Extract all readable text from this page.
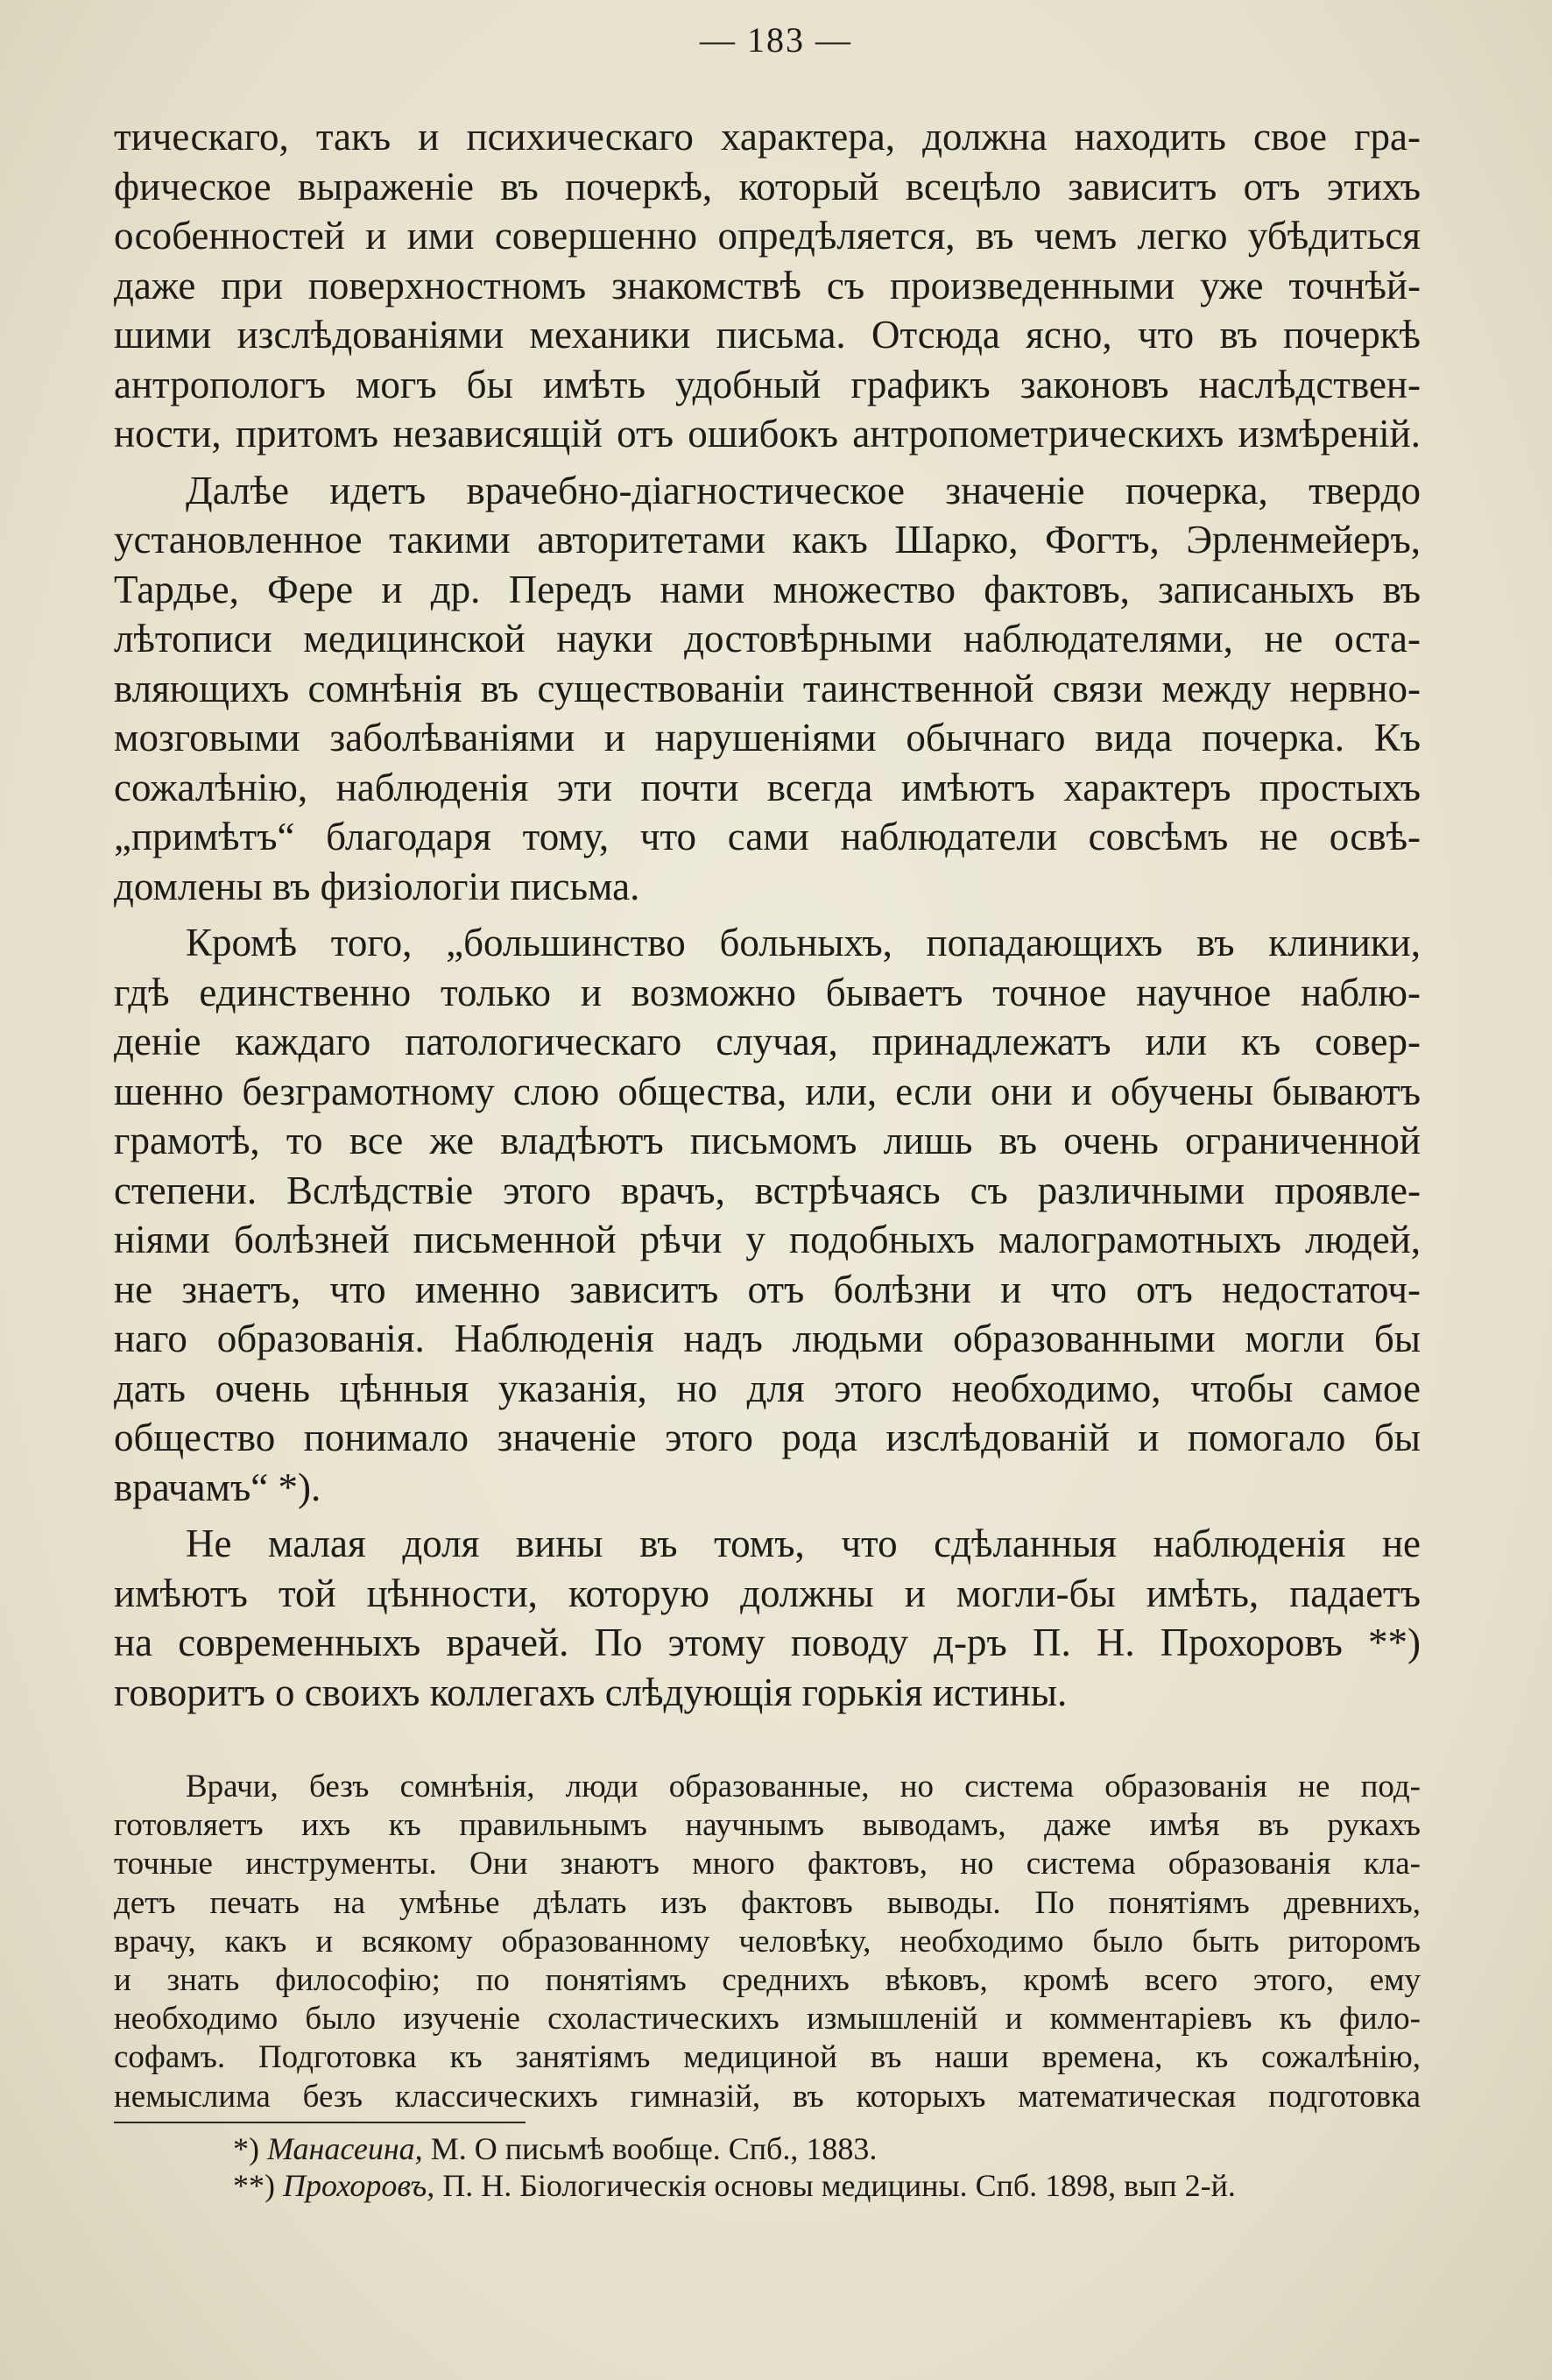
— 183 —

тическаго, такъ и психическаго характера, должна находить свое гра-

фическое выраженіе въ почеркѣ, который всецѣло зависитъ отъ этихъ

особенностей и ими совершенно опредѣляется, въ чемъ легко убѣдиться

даже при поверхностномъ знакомствѣ съ произведенными уже точнѣй-

шими изслѣдованіями механики письма. Отсюда ясно, что въ почеркѣ

антропологъ могъ бы имѣть удобный графикъ законовъ наслѣдствен-

ности, притомъ независящій отъ ошибокъ антропометрическихъ измѣреній.

Далѣе идетъ врачебно-діагностическое значеніе почерка, твердо

установленное такими авторитетами какъ Шарко, Фогтъ, Эрленмейеръ,

Тардье, Фере и др. Передъ нами множество фактовъ, записаныхъ въ

лѣтописи медицинской науки достовѣрными наблюдателями, не оста-

вляющихъ сомнѣнія въ существованіи таинственной связи между нервно-

мозговыми заболѣваніями и нарушеніями обычнаго вида почерка. Къ

сожалѣнію, наблюденія эти почти всегда имѣютъ характеръ простыхъ

„примѣтъ“ благодаря тому, что сами наблюдатели совсѣмъ не освѣ-

домлены въ физіологіи письма.

Кромѣ того, „большинство больныхъ, попадающихъ въ клиники,

гдѣ единственно только и возможно бываетъ точное научное наблю-

деніе каждаго патологическаго случая, принадлежатъ или къ совер-

шенно безграмотному слою общества, или, если они и обучены бываютъ

грамотѣ, то все же владѣютъ письмомъ лишь въ очень ограниченной

степени. Вслѣдствіе этого врачъ, встрѣчаясь съ различными проявле-

ніями болѣзней письменной рѣчи у подобныхъ малограмотныхъ людей,

не знаетъ, что именно зависитъ отъ болѣзни и что отъ недостаточ-

наго образованія. Наблюденія надъ людьми образованными могли бы

дать очень цѣнныя указанія, но для этого необходимо, чтобы самое

общество понимало значеніе этого рода изслѣдованій и помогало бы

врачамъ“ *).

Не малая доля вины въ томъ, что сдѣланныя наблюденія не

имѣютъ той цѣнности, которую должны и могли-бы имѣть, падаетъ

на современныхъ врачей. По этому поводу д-ръ П. Н. Прохоровъ **)

говоритъ о своихъ коллегахъ слѣдующія горькія истины.

Врачи, безъ сомнѣнія, люди образованные, но система образованія не под-

готовляетъ ихъ къ правильнымъ научнымъ выводамъ, даже имѣя въ рукахъ

точные инструменты. Они знаютъ много фактовъ, но система образованія кла-

детъ печать на умѣнье дѣлать изъ фактовъ выводы. По понятіямъ древнихъ,

врачу, какъ и всякому образованному человѣку, необходимо было быть риторомъ

и знать философію; по понятіямъ среднихъ вѣковъ, кромѣ всего этого, ему

необходимо было изученіе схоластическихъ измышленій и комментаріевъ къ фило-

софамъ. Подготовка къ занятіямъ медициной въ наши времена, къ сожалѣнію,

немыслима безъ классическихъ гимназій, въ которыхъ математическая подготовка

*) Манасеина, М. О письмѣ вообще. Спб., 1883.

**) Прохоровъ, П. Н. Біологическія основы медицины. Спб. 1898, вып 2-й.
